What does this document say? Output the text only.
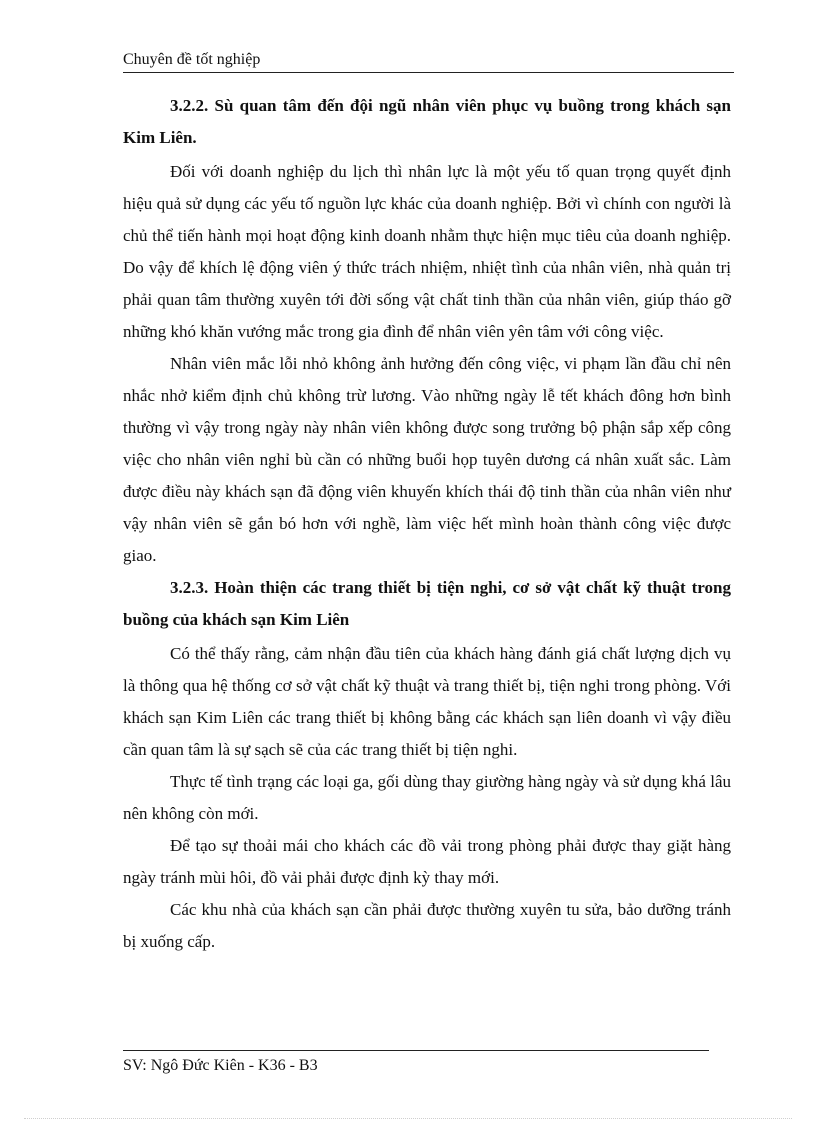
Chuyên đề tốt nghiệp

3.2.2. Sù quan tâm đến đội ngũ nhân viên phục vụ buồng trong khách sạn Kim Liên.

Đối với doanh nghiệp du lịch thì nhân lực là một yếu tố quan trọng quyết định hiệu quả sử dụng các yếu tố nguồn lực khác của doanh nghiệp. Bởi vì chính con người là chủ thể tiến hành mọi hoạt động kinh doanh nhằm thực hiện mục tiêu của doanh nghiệp. Do vậy để khích lệ động viên ý thức trách nhiệm, nhiệt tình của nhân viên, nhà quản trị phải quan tâm thường xuyên tới đời sống vật chất tinh thần của nhân viên, giúp tháo gỡ những khó khăn vướng mắc trong gia đình để nhân viên yên tâm với công việc.

Nhân viên mắc lỗi nhỏ không ảnh hưởng đến công việc, vi phạm lần đầu chỉ nên nhắc nhở kiểm định chủ không trừ lương. Vào những ngày lễ tết khách đông hơn bình thường vì vậy trong ngày này nhân viên không được song trưởng bộ phận sắp xếp công việc cho nhân viên nghỉ bù cần có những buổi họp tuyên dương cá nhân xuất sắc. Làm được điều này khách sạn đã động viên khuyến khích thái độ tinh thần của nhân viên như vậy nhân viên sẽ gắn bó hơn với nghề, làm việc hết mình hoàn thành công việc được giao.

3.2.3. Hoàn thiện các trang thiết bị tiện nghi, cơ sở vật chất kỹ thuật trong buồng của khách sạn Kim Liên

Có thể thấy rằng, cảm nhận đầu tiên của khách hàng đánh giá chất lượng dịch vụ là thông qua hệ thống cơ sở vật chất kỹ thuật và trang thiết bị, tiện nghi trong phòng. Với khách sạn Kim Liên các trang thiết bị không bằng các khách sạn liên doanh vì vậy điều cần quan tâm là sự sạch sẽ của các trang thiết bị tiện nghi.

Thực tế tình trạng các loại ga, gối dùng thay giường hàng ngày và sử dụng khá lâu nên không còn mới.

Để tạo sự thoải mái cho khách các đồ vải trong phòng phải được thay giặt hàng ngày tránh mùi hôi, đồ vải phải được định kỳ thay mới.

Các khu nhà của khách sạn cần phải được thường xuyên tu sửa, bảo dưỡng tránh bị xuống cấp.

SV: Ngô Đức Kiên - K36 - B3
